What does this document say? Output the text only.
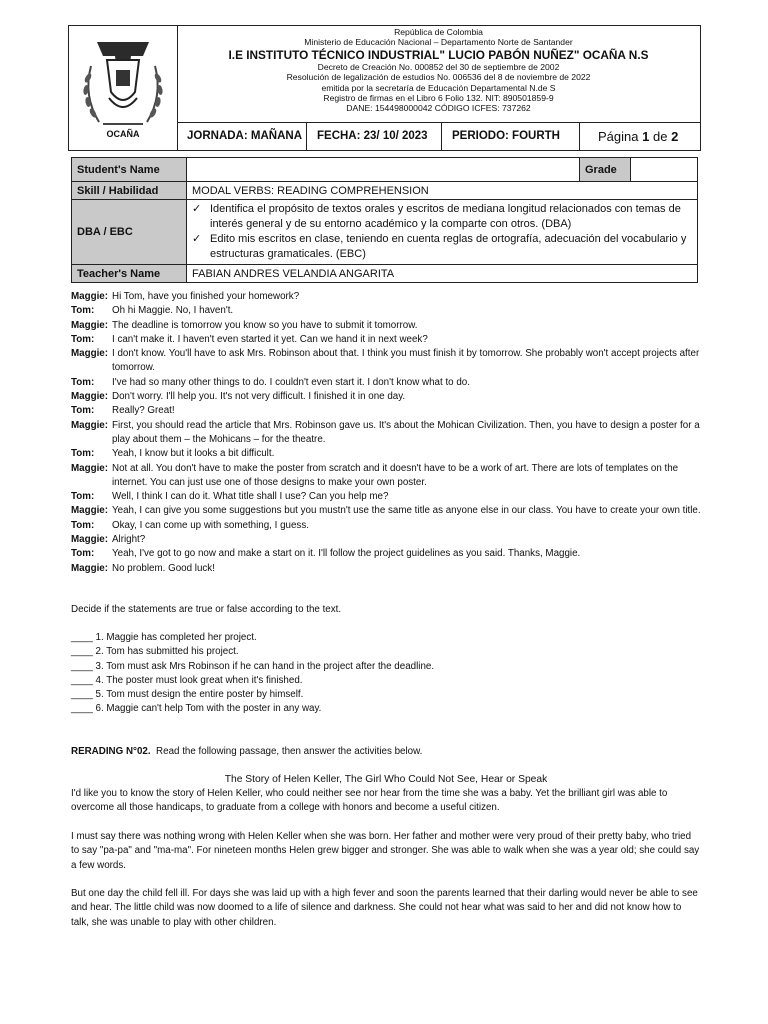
OCAÑA
República de Colombia
Ministerio de Educación Nacional – Departamento Norte de Santander
I.E INSTITUTO TÉCNICO INDUSTRIAL" LUCIO PABÓN NUÑEZ" OCAÑA N.S
Decreto de Creación No. 000852 del 30 de septiembre de 2002
Resolución de legalización de estudios No. 006536 del 8 de noviembre de 2022
emitida por la secretaría de Educación Departamental N.de S
Registro de firmas en el Libro 6 Folio 132. NIT: 890501859-9
DANE: 154498000042 CÓDIGO ICFES: 737262
JORNADA: MAÑANA	FECHA: 23/ 10/ 2023	PERIODO: FOURTH	Página
1
de
2
Student's Name		Grade	
Skill / Habilidad	MODAL VERBS: READING COMPREHENSION		
DBA / EBC	✓ Identifica el propósito de textos orales y escritos de mediana longitud relacionados con temas de interés general y de su entorno académico y la comparte con otros. (DBA)
✓ Edito mis escritos en clase, teniendo en cuenta reglas de ortografía, adecuación del vocabulario y estructuras gramaticales. (EBC)		

Teacher's Name	FABIAN ANDRES VELANDIA ANGARITA		
Maggie: Hi Tom, have you finished your homework?
Tom:	Oh hi Maggie. No, I haven't.
Maggie: The deadline is tomorrow you know so you have to submit it tomorrow.
Tom:	I can't make it. I haven't even started it yet. Can we hand it in next week?
Maggie: I don't know. You'll have to ask Mrs. Robinson about that. I think you must finish it by tomorrow. She probably won't accept projects after tomorrow.
Tom:	I've had so many other things to do. I couldn't even start it. I don't know what to do.
Maggie: Don't worry. I'll help you. It's not very difficult. I finished it in one day.
Tom:	Really? Great!
Maggie: First, you should read the article that Mrs. Robinson gave us. It's about the Mohican Civilization. Then, you have to design a poster for a play about them – the Mohicans – for the theatre.
Tom:	Yeah, I know but it looks a bit difficult.
Maggie: Not at all. You don't have to make the poster from scratch and it doesn't have to be a work of art. There are lots of templates on the internet. You can just use one of those designs to make your own poster.
Tom:	Well, I think I can do it. What title shall I use? Can you help me?
Maggie: Yeah, I can give you some suggestions but you mustn't use the same title as anyone else in our class. You have to create your own title.
Tom:	Okay, I can come up with something, I guess.
Maggie: Alright?
Tom:	Yeah, I've got to go now and make a start on it. I'll follow the project guidelines as you said. Thanks, Maggie.
Maggie: No problem. Good luck!
Decide if the statements are true or false according to the text.
____ 1. Maggie has completed her project.
____ 2. Tom has submitted his project.
____ 3. Tom must ask Mrs Robinson if he can hand in the project after the deadline.
____ 4. The poster must look great when it's finished.
____ 5. Tom must design the entire poster by himself.
____ 6. Maggie can't help Tom with the poster in any way.
RERADING N°02. Read the following passage, then answer the activities below.
The Story of Helen Keller, The Girl Who Could Not See, Hear or Speak
I'd like you to know the story of Helen Keller, who could neither see nor hear from the time she was a baby. Yet the brilliant girl was able to overcome all those handicaps, to graduate from a college with honors and become a useful citizen.
I must say there was nothing wrong with Helen Keller when she was born. Her father and mother were very proud of their pretty baby, who tried to say "pa-pa" and "ma-ma". For nineteen months Helen grew bigger and stronger. She was able to walk when she was a year old; she could say a few words.
But one day the child fell ill. For days she was laid up with a high fever and soon the parents learned that their darling would never be able to see and hear. The little child was now doomed to a life of silence and darkness. She could not hear what was said to her and did not know how to talk, she was unable to play with other children.
